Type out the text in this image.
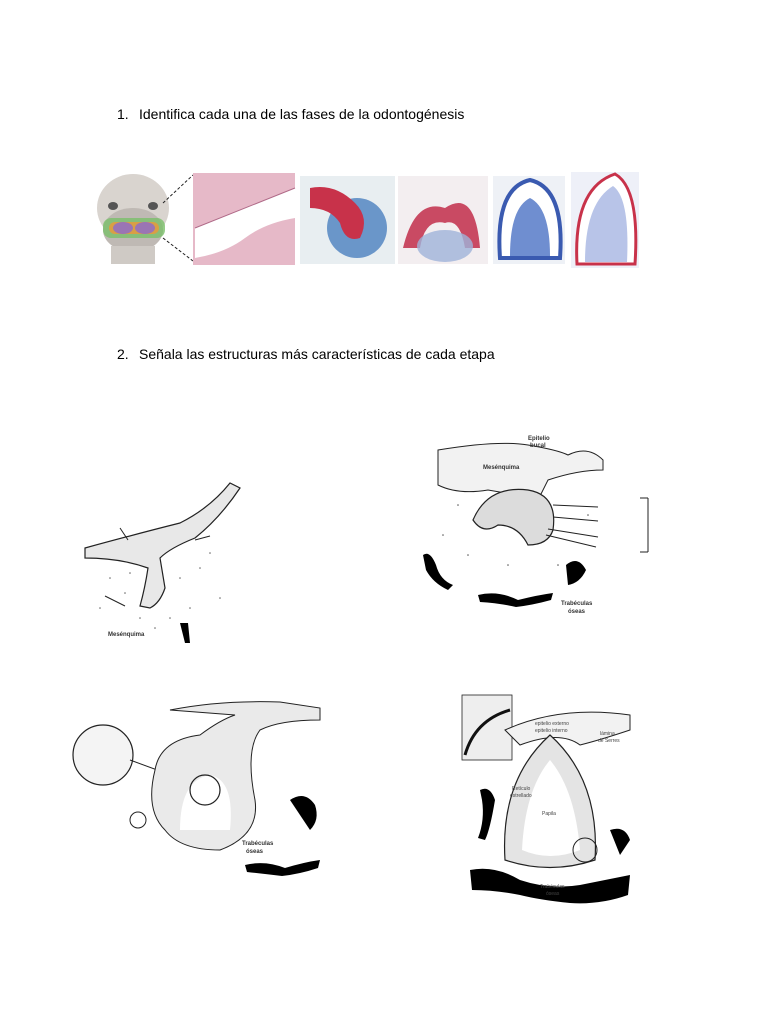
1. Identifica cada una de las fases de la odontogénesis
2. Señala las estructuras más características de cada etapa
Mesénquima
Epitelio
bucal
Mesénquima
Trabéculas
óseas
Trabéculas
óseas
epitelio externo
epitelio interno	lámina
de Serres
Retículo
estrellado
Papila
Trabéculas
óseas
